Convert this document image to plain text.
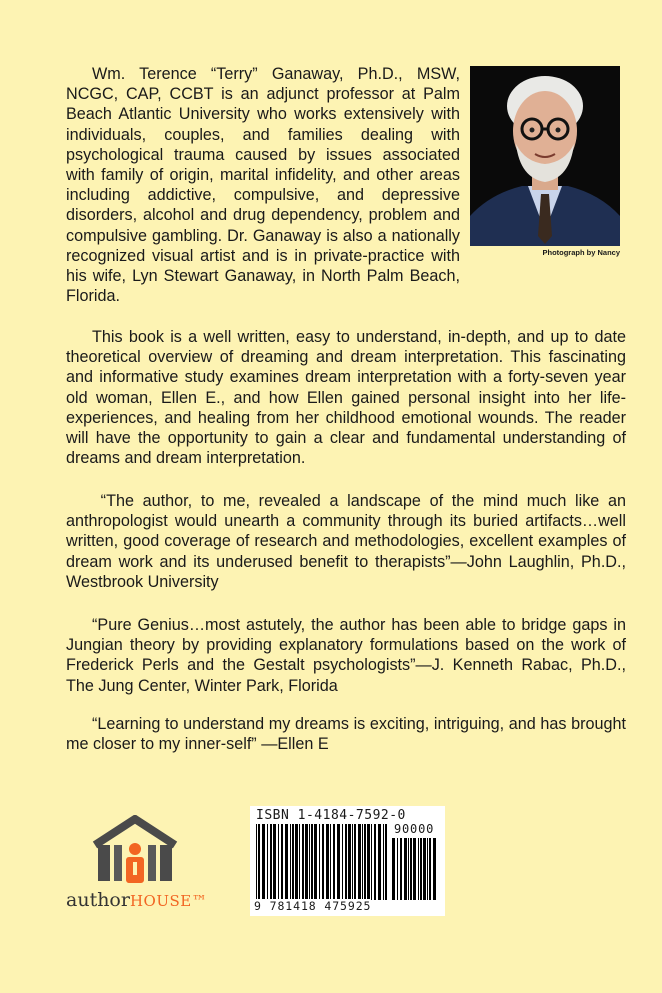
Wm. Terence “Terry” Ganaway, Ph.D., MSW, NCGC, CAP, CCBT is an adjunct professor at Palm Beach Atlantic University who works extensively with individuals, couples, and families dealing with psychological trauma caused by issues associated with family of origin, marital infidelity, and other areas including addictive, compulsive, and depressive disorders, alcohol and drug dependency, problem and compulsive gambling. Dr. Ganaway is also a nationally recognized visual artist and is in private-practice with his wife, Lyn Stewart Ganaway, in North Palm Beach, Florida.

Photograph by Nancy

This book is a well written, easy to understand, in-depth, and up to date theoretical overview of dreaming and dream interpretation. This fascinating and informative study examines dream interpretation with a forty-seven year old woman, Ellen E., and how Ellen gained personal insight into her life-experiences, and healing from her childhood emotional wounds. The reader will have the opportunity to gain a clear and fundamental understanding of dreams and dream interpretation.

“The author, to me, revealed a landscape of the mind much like an anthropologist would unearth a community through its buried artifacts…well written, good coverage of research and methodologies, excellent examples of dream work and its underused benefit to therapists”—John Laughlin, Ph.D., Westbrook University

“Pure Genius…most astutely, the author has been able to bridge gaps in Jungian theory by providing explanatory formulations based on the work of Frederick Perls and the Gestalt psychologists”—J. Kenneth Rabac, Ph.D., The Jung Center, Winter Park, Florida

“Learning to understand my dreams is exciting, intriguing, and has brought me closer to my inner-self” —Ellen E

authorHOUSE™
ISBN 1-4184-7592-0
90000
9 781418 475925
